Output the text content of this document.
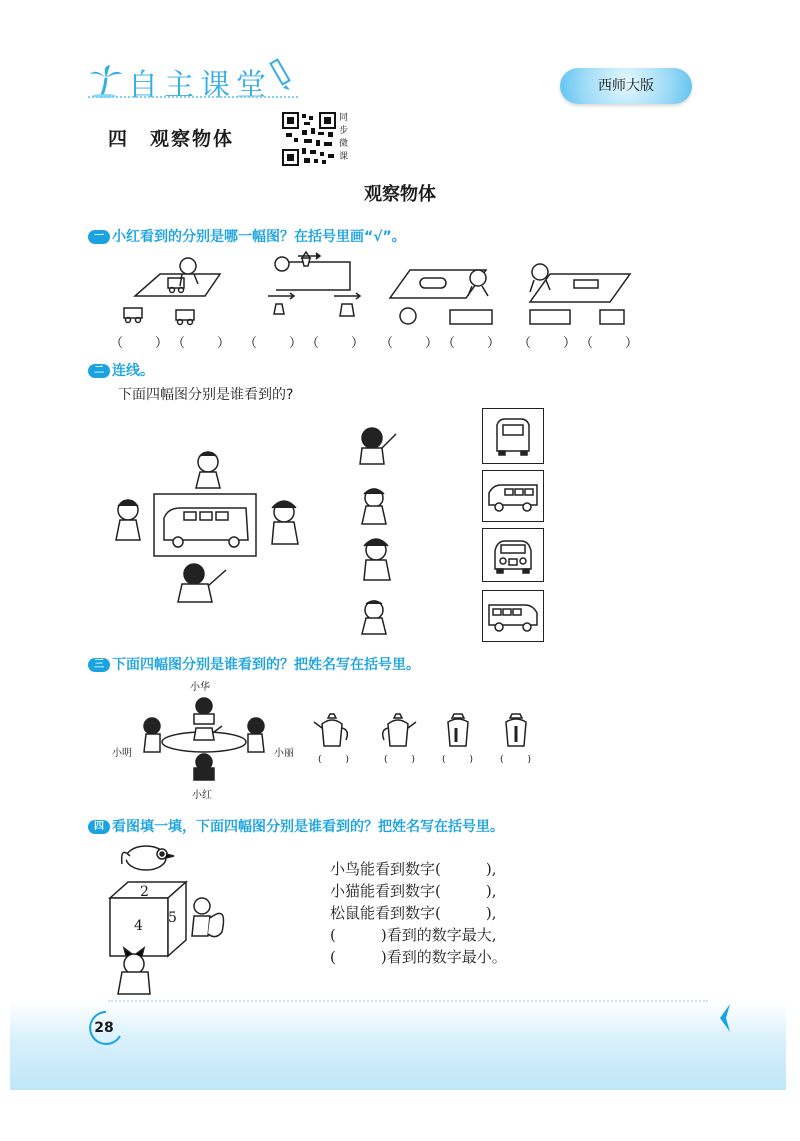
自主课堂	西师大版
四　观察物体
同
步
微
课
观察物体
一 小红看到的分别是哪一幅图？在括号里画“√”。
（　　） （　　） （　　） （　　） （　　） （　　） （　　） （　　）
二 连线。
下面四幅图分别是谁看到的?
三 下面四幅图分别是谁看到的？把姓名写在括号里。
小华
小明	小丽
小红
(　　)	(　　)	(　　)	(　　)
四 看图填一填，下面四幅图分别是谁看到的？把姓名写在括号里。
2
4 5
小鸟能看到数字(　　　),
小猫能看到数字(　　　),
松鼠能看到数字(　　　),
(　　　)看到的数字最大,
(　　　)看到的数字最小。
28
